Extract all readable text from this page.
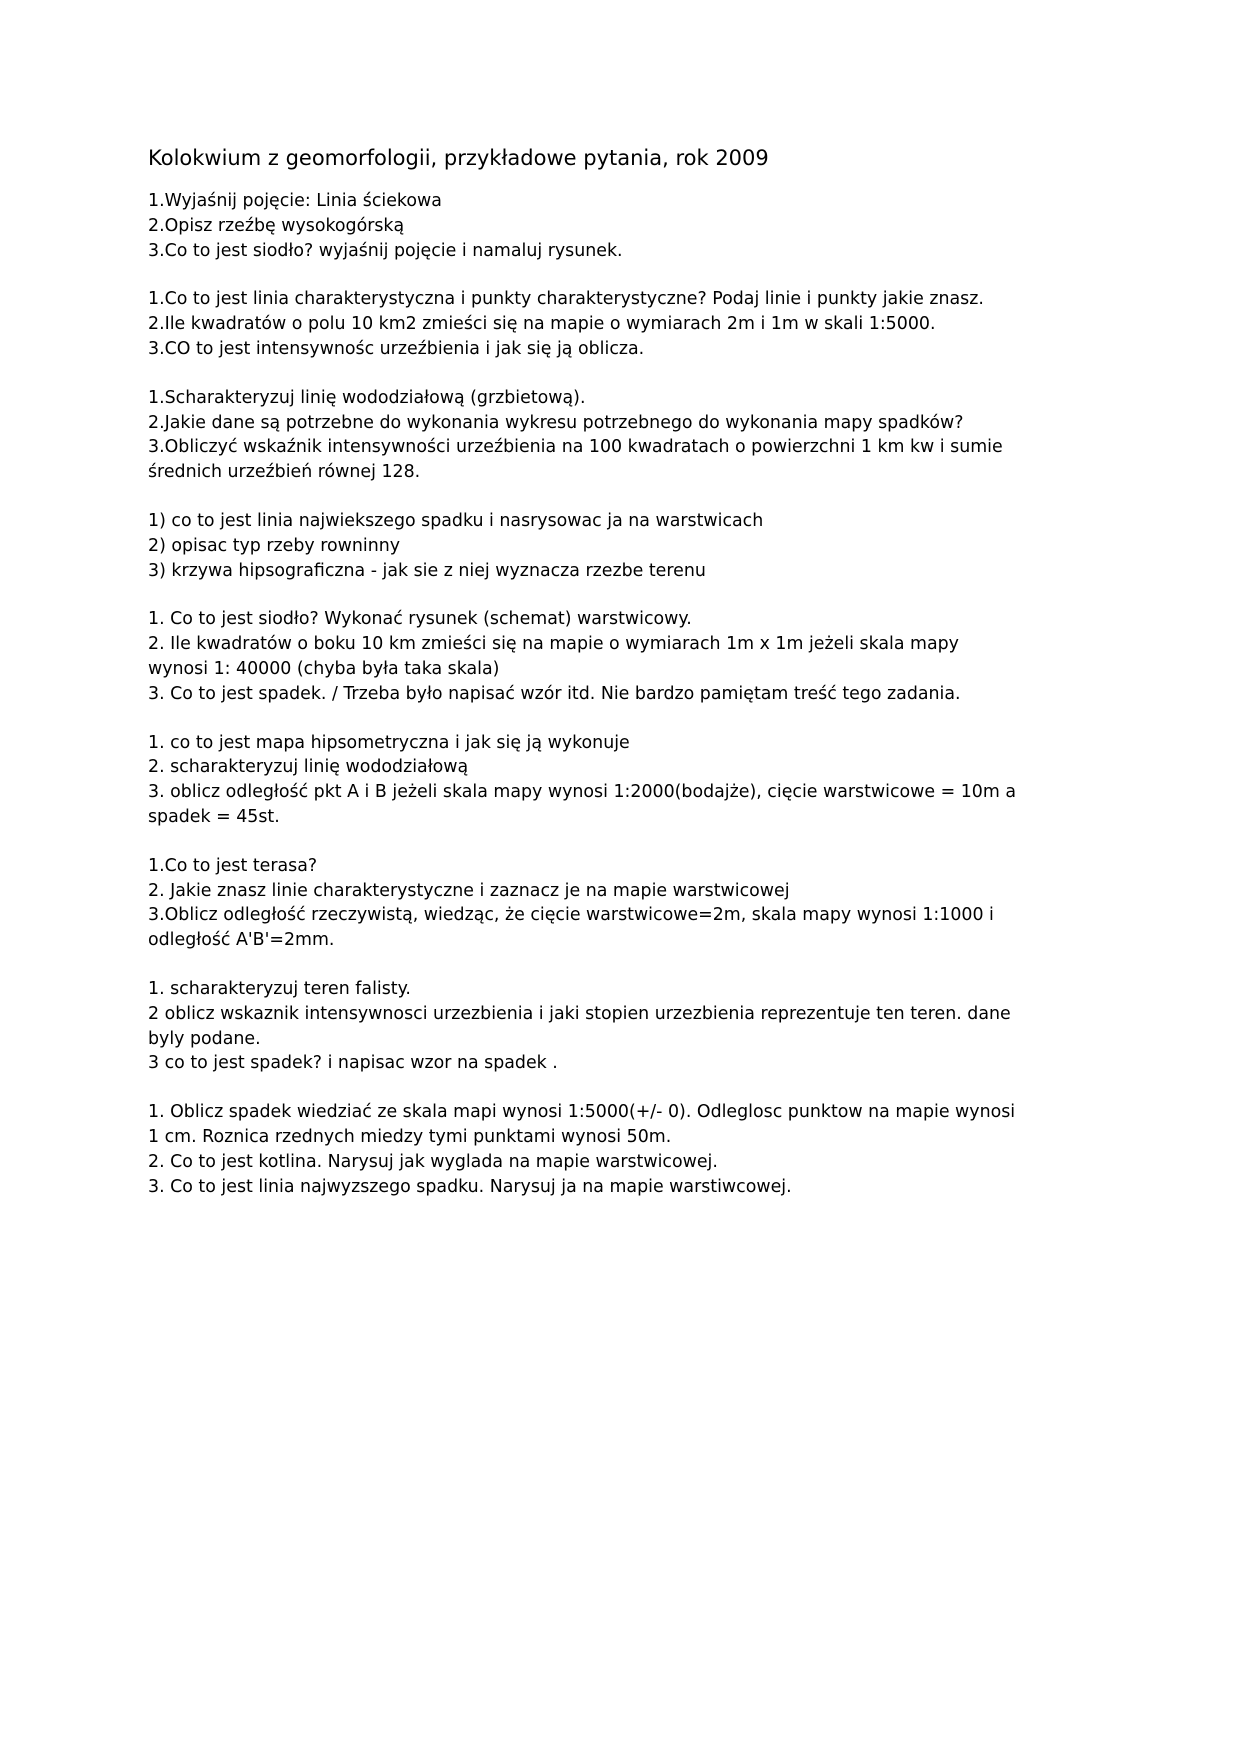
Kolokwium z geomorfologii, przykładowe pytania, rok 2009

1.Wyjaśnij pojęcie: Linia ściekowa

2.Opisz rzeźbę wysokogórską

3.Co to jest siodło? wyjaśnij pojęcie i namaluj rysunek.

1.Co to jest linia charakterystyczna i punkty charakterystyczne? Podaj linie i punkty jakie znasz.

2.Ile kwadratów o polu 10 km2 zmieści się na mapie o wymiarach 2m i 1m w skali 1:5000.

3.CO to jest intensywnośc urzeźbienia i jak się ją oblicza.

1.Scharakteryzuj linię wododziałową (grzbietową).

2.Jakie dane są potrzebne do wykonania wykresu potrzebnego do wykonania mapy spadków?

3.Obliczyć wskaźnik intensywności urzeźbienia na 100 kwadratach o powierzchni 1 km kw i sumie

średnich urzeźbień równej 128.

1) co to jest linia najwiekszego spadku i nasrysowac ja na warstwicach

2) opisac typ rzeby rowninny

3) krzywa hipsograficzna - jak sie z niej wyznacza rzezbe terenu

1. Co to jest siodło? Wykonać rysunek (schemat) warstwicowy.

2. Ile kwadratów o boku 10 km zmieści się na mapie o wymiarach 1m x 1m jeżeli skala mapy

wynosi 1: 40000 (chyba była taka skala)

3. Co to jest spadek. / Trzeba było napisać wzór itd. Nie bardzo pamiętam treść tego zadania.

1. co to jest mapa hipsometryczna i jak się ją wykonuje

2. scharakteryzuj linię wododziałową

3. oblicz odległość pkt A i B jeżeli skala mapy wynosi 1:2000(bodajże), cięcie warstwicowe = 10m a

spadek = 45st.

1.Co to jest terasa?

2. Jakie znasz linie charakterystyczne i zaznacz je na mapie warstwicowej

3.Oblicz odległość rzeczywistą, wiedząc, że cięcie warstwicowe=2m, skala mapy wynosi 1:1000 i

odległość A'B'=2mm.

1. scharakteryzuj teren falisty.

2 oblicz wskaznik intensywnosci urzezbienia i jaki stopien urzezbienia reprezentuje ten teren. dane

byly podane.

3 co to jest spadek? i napisac wzor na spadek .

1. Oblicz spadek wiedziać ze skala mapi wynosi 1:5000(+/- 0). Odleglosc punktow na mapie wynosi

1 cm. Roznica rzednych miedzy tymi punktami wynosi 50m.

2. Co to jest kotlina. Narysuj jak wyglada na mapie warstwicowej.

3. Co to jest linia najwyzszego spadku. Narysuj ja na mapie warstiwcowej.
